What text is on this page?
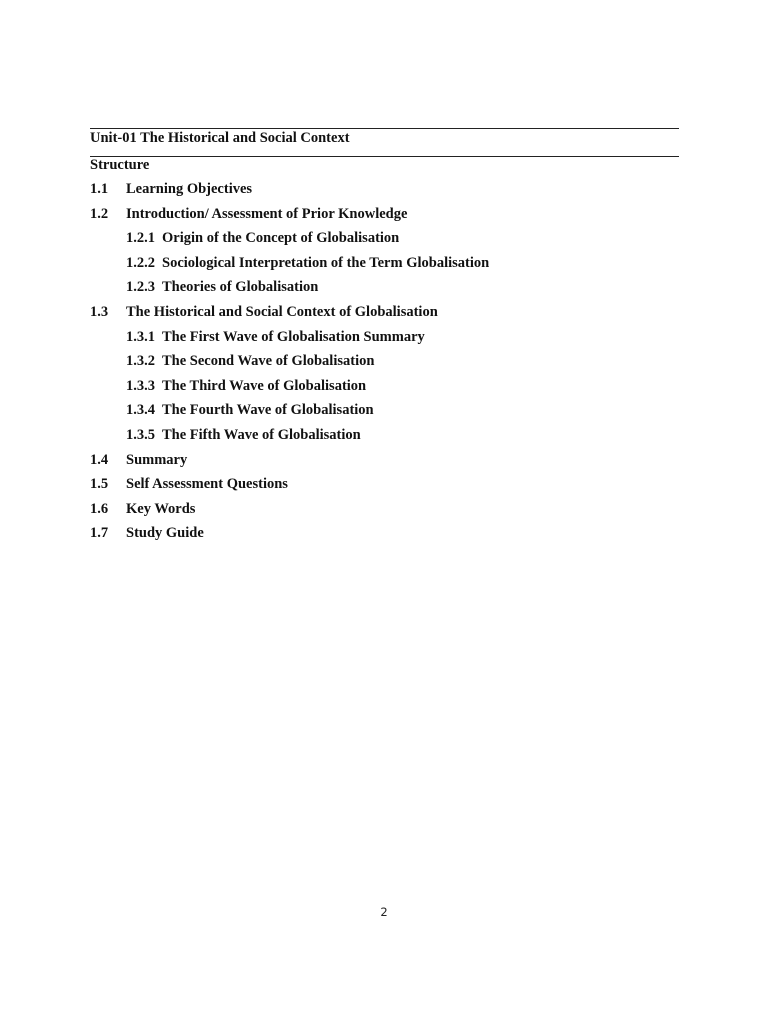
Unit-01 The Historical and Social Context
Structure
1.1	Learning Objectives
1.2	Introduction/ Assessment of Prior Knowledge
1.2.1 Origin of the Concept of Globalisation
1.2.2 Sociological Interpretation of the Term Globalisation
1.2.3 Theories of Globalisation
1.3	The Historical and Social Context of Globalisation
1.3.1 The First Wave of Globalisation Summary
1.3.2 The Second Wave of Globalisation
1.3.3 The Third Wave of Globalisation
1.3.4 The Fourth Wave of Globalisation
1.3.5 The Fifth Wave of Globalisation
1.4	Summary
1.5	Self Assessment Questions
1.6	Key Words
1.7	Study Guide
2
